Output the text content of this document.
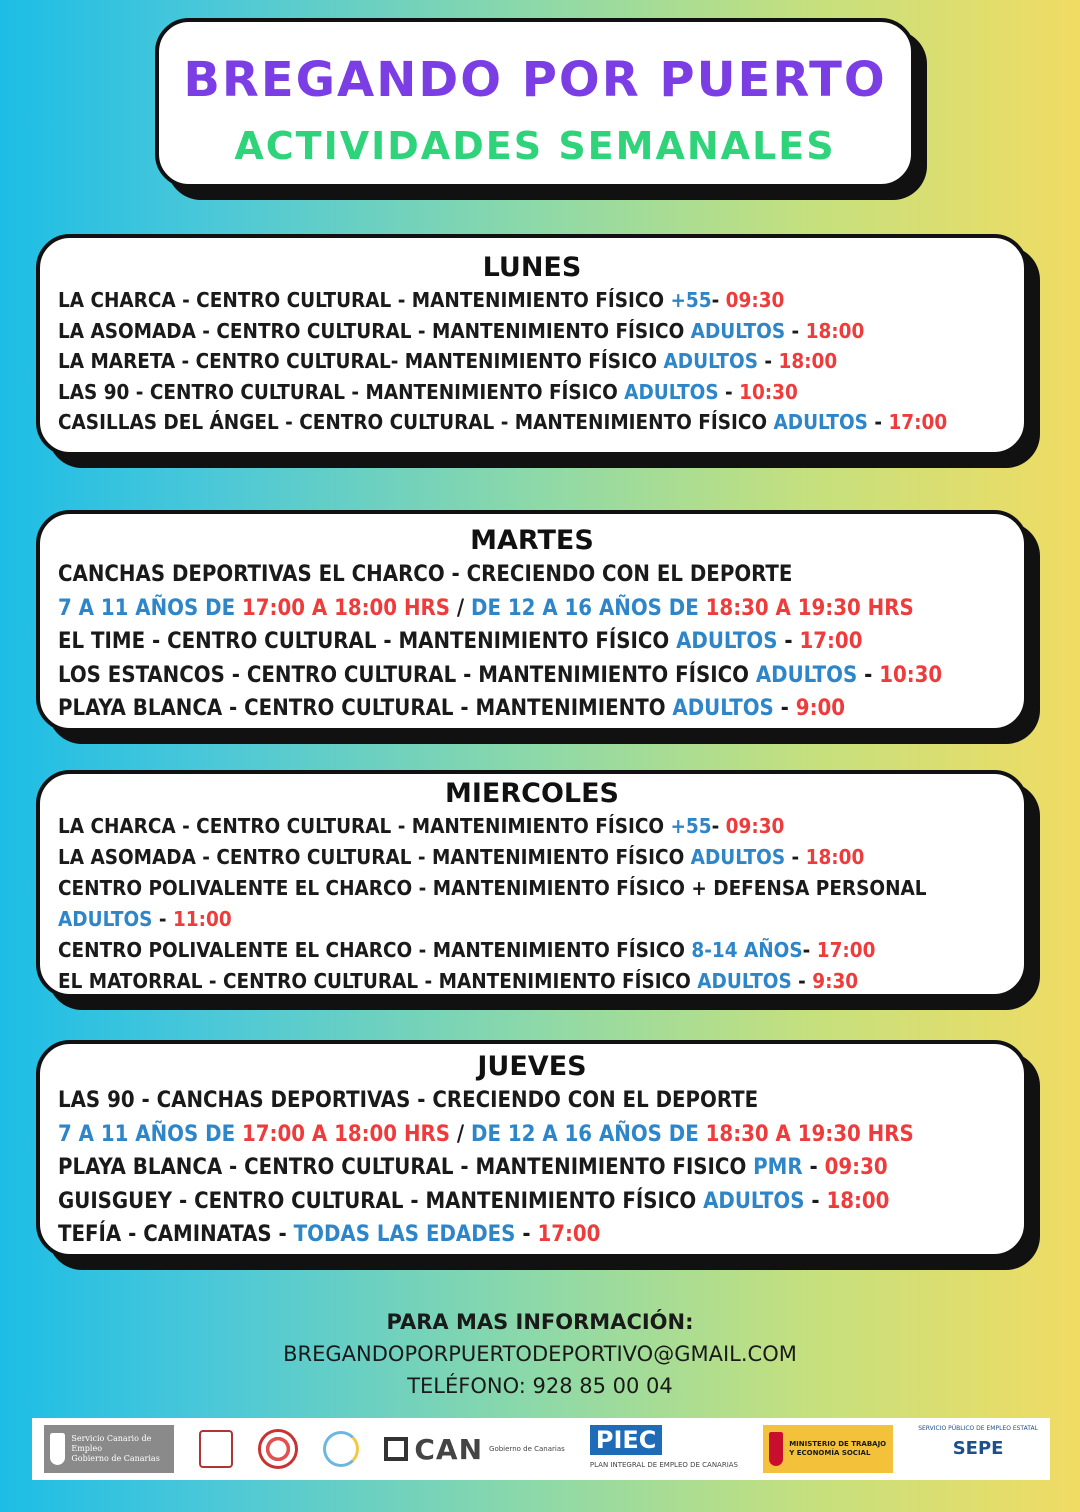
BREGANDO POR PUERTO
ACTIVIDADES SEMANALES
LUNES
LA CHARCA - CENTRO CULTURAL - MANTENIMIENTO FÍSICO +55- 09:30
LA ASOMADA - CENTRO CULTURAL - MANTENIMIENTO FÍSICO ADULTOS - 18:00
LA MARETA - CENTRO CULTURAL- MANTENIMIENTO FÍSICO ADULTOS - 18:00
LAS 90 - CENTRO CULTURAL - MANTENIMIENTO FÍSICO ADULTOS - 10:30
CASILLAS DEL ÁNGEL - CENTRO CULTURAL - MANTENIMIENTO FÍSICO ADULTOS - 17:00
MARTES
CANCHAS DEPORTIVAS EL CHARCO - CRECIENDO CON EL DEPORTE
7 A 11 AÑOS DE 17:00 A 18:00 HRS / DE 12 A 16 AÑOS DE 18:30 A 19:30 HRS
EL TIME - CENTRO CULTURAL - MANTENIMIENTO FÍSICO ADULTOS - 17:00
LOS ESTANCOS - CENTRO CULTURAL - MANTENIMIENTO FÍSICO ADULTOS - 10:30
PLAYA BLANCA - CENTRO CULTURAL - MANTENIMIENTO ADULTOS - 9:00
MIERCOLES
LA CHARCA - CENTRO CULTURAL - MANTENIMIENTO FÍSICO +55- 09:30
LA ASOMADA - CENTRO CULTURAL - MANTENIMIENTO FÍSICO ADULTOS - 18:00
CENTRO POLIVALENTE EL CHARCO - MANTENIMIENTO FÍSICO + DEFENSA PERSONAL
ADULTOS - 11:00
CENTRO POLIVALENTE EL CHARCO - MANTENIMIENTO FÍSICO 8-14 AÑOS- 17:00
EL MATORRAL - CENTRO CULTURAL - MANTENIMIENTO FÍSICO ADULTOS - 9:30
JUEVES
LAS 90 - CANCHAS DEPORTIVAS - CRECIENDO CON EL DEPORTE
7 A 11 AÑOS DE 17:00 A 18:00 HRS / DE 12 A 16 AÑOS DE 18:30 A 19:30 HRS
PLAYA BLANCA - CENTRO CULTURAL - MANTENIMIENTO FISICO PMR - 09:30
GUISGUEY - CENTRO CULTURAL - MANTENIMIENTO FÍSICO ADULTOS - 18:00
TEFÍA - CAMINATAS - TODAS LAS EDADES - 17:00
PARA MAS INFORMACIÓN:
BREGANDOPORPUERTODEPORTIVO@GMAIL.COM
TELÉFONO: 928 85 00 04
Servicio Canario de Empleo
Gobierno de Canarias	CAN Gobierno de Canarias PIEC
PLAN INTEGRAL DE EMPLEO DE CANARIAS
MINISTERIO DE TRABAJO Y ECONOMÍA SOCIAL
SERVICIO PÚBLICO DE EMPLEO ESTATAL
SEPE
